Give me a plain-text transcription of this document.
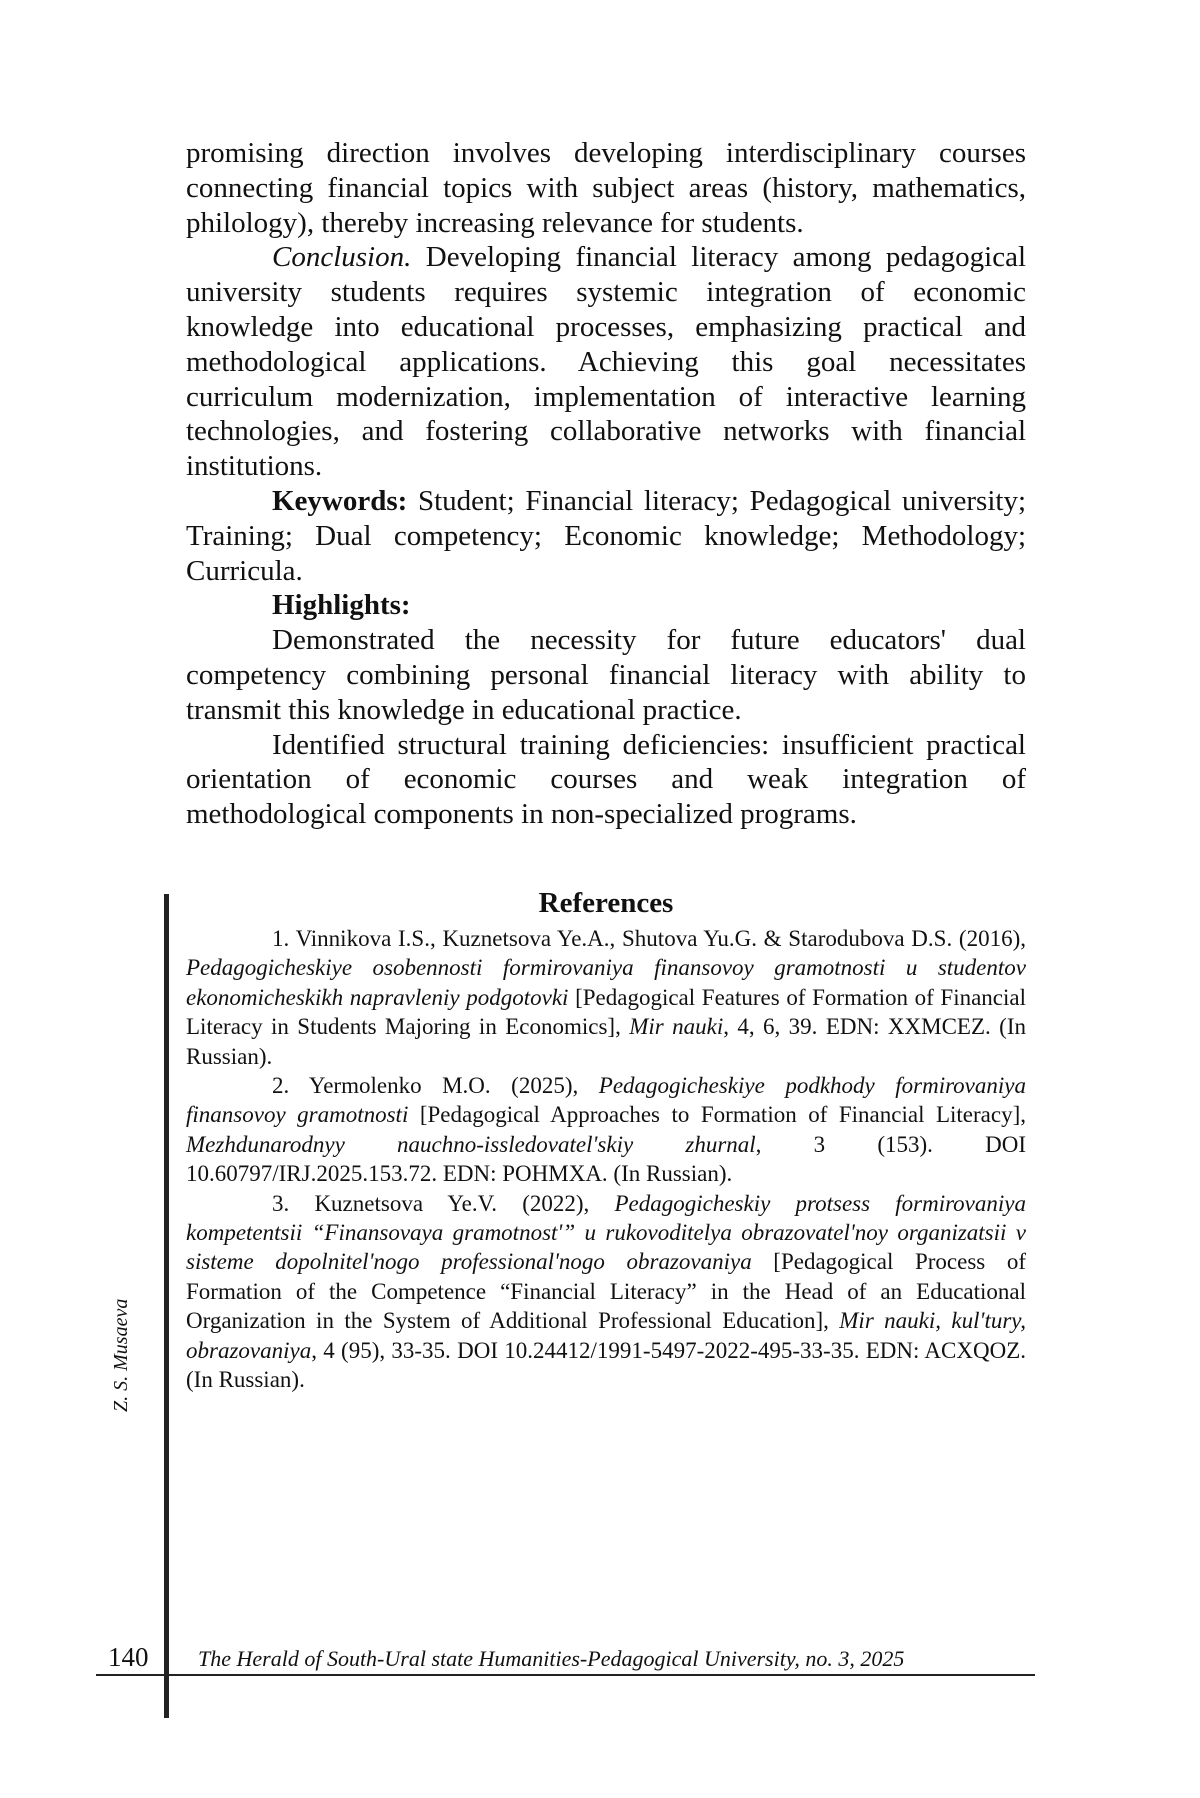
promising direction involves developing interdisciplinary courses connecting financial topics with subject areas (history, mathematics, philology), thereby increasing relevance for students.

Conclusion. Developing financial literacy among pedagogical university students requires systemic integration of economic knowledge into educational processes, emphasizing practical and methodological applications. Achieving this goal necessitates curriculum modernization, implementation of interactive learning technologies, and fostering collaborative networks with financial institutions.

Keywords: Student; Financial literacy; Pedagogical university; Training; Dual competency; Economic knowledge; Methodology; Curricula.

Highlights:

Demonstrated the necessity for future educators' dual competency combining personal financial literacy with ability to transmit this knowledge in educational practice.

Identified structural training deficiencies: insufficient practical orientation of economic courses and weak integration of methodological components in non-specialized programs.

References

1. Vinnikova I.S., Kuznetsova Ye.A., Shutova Yu.G. & Starodubova D.S. (2016), Pedagogicheskiye osobennosti formirovaniya finansovoy gramotnosti u studentov ekonomicheskikh napravleniy podgotovki [Pedagogical Features of Formation of Financial Literacy in Students Majoring in Economics], Mir nauki, 4, 6, 39. EDN: XXMCEZ. (In Russian).

2. Yermolenko M.O. (2025), Pedagogicheskiye podkhody formirovaniya finansovoy gramotnosti [Pedagogical Approaches to Formation of Financial Literacy], Mezhdunarodnyy nauchno-issledovatel'skiy zhurnal, 3 (153). DOI 10.60797/IRJ.2025.153.72. EDN: POHMXA. (In Russian).

3. Kuznetsova Ye.V. (2022), Pedagogicheskiy protsess formirovaniya kompetentsii “Finansovaya gramotnost'” u rukovoditelya obrazovatel'noy organizatsii v sisteme dopolnitel'nogo professional'nogo obrazovaniya [Pedagogical Process of Formation of the Competence “Financial Literacy” in the Head of an Educational Organization in the System of Additional Professional Education], Mir nauki, kul'tury, obrazovaniya, 4 (95), 33-35. DOI 10.24412/1991-5497-2022-495-33-35. EDN: ACXQOZ. (In Russian).

Z. S. Musaeva
140 The Herald of South-Ural state Humanities-Pedagogical University, no. 3, 2025
